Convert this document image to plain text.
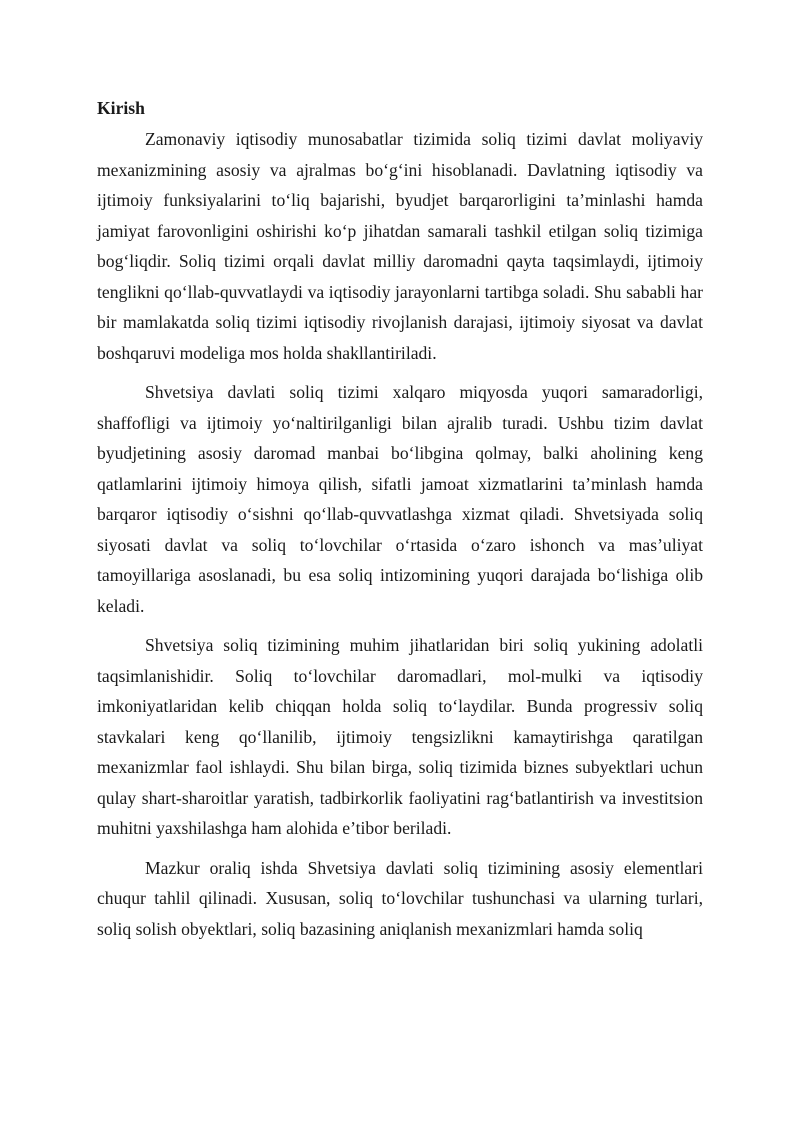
Kirish

Zamonaviy iqtisodiy munosabatlar tizimida soliq tizimi davlat moliyaviy mexanizmining asosiy va ajralmas bo‘g‘ini hisoblanadi. Davlatning iqtisodiy va ijtimoiy funksiyalarini to‘liq bajarishi, byudjet barqarorligini ta’minlashi hamda jamiyat farovonligini oshirishi ko‘p jihatdan samarali tashkil etilgan soliq tizimiga bog‘liqdir. Soliq tizimi orqali davlat milliy daromadni qayta taqsimlaydi, ijtimoiy tenglikni qo‘llab-quvvatlaydi va iqtisodiy jarayonlarni tartibga soladi. Shu sababli har bir mamlakatda soliq tizimi iqtisodiy rivojlanish darajasi, ijtimoiy siyosat va davlat boshqaruvi modeliga mos holda shakllantiriladi.

Shvetsiya davlati soliq tizimi xalqaro miqyosda yuqori samaradorligi, shaffofligi va ijtimoiy yo‘naltirilganligi bilan ajralib turadi. Ushbu tizim davlat byudjetining asosiy daromad manbai bo‘libgina qolmay, balki aholining keng qatlamlarini ijtimoiy himoya qilish, sifatli jamoat xizmatlarini ta’minlash hamda barqaror iqtisodiy o‘sishni qo‘llab-quvvatlashga xizmat qiladi. Shvetsiyada soliq siyosati davlat va soliq to‘lovchilar o‘rtasida o‘zaro ishonch va mas’uliyat tamoyillariga asoslanadi, bu esa soliq intizomining yuqori darajada bo‘lishiga olib keladi.

Shvetsiya soliq tizimining muhim jihatlaridan biri soliq yukining adolatli taqsimlanishidir. Soliq to‘lovchilar daromadlari, mol-mulki va iqtisodiy imkoniyatlaridan kelib chiqqan holda soliq to‘laydilar. Bunda progressiv soliq stavkalari keng qo‘llanilib, ijtimoiy tengsizlikni kamaytirishga qaratilgan mexanizmlar faol ishlaydi. Shu bilan birga, soliq tizimida biznes subyektlari uchun qulay shart-sharoitlar yaratish, tadbirkorlik faoliyatini rag‘batlantirish va investitsion muhitni yaxshilashga ham alohida e’tibor beriladi.

Mazkur oraliq ishda Shvetsiya davlati soliq tizimining asosiy elementlari chuqur tahlil qilinadi. Xususan, soliq to‘lovchilar tushunchasi va ularning turlari, soliq solish obyektlari, soliq bazasining aniqlanish mexanizmlari hamda soliq
